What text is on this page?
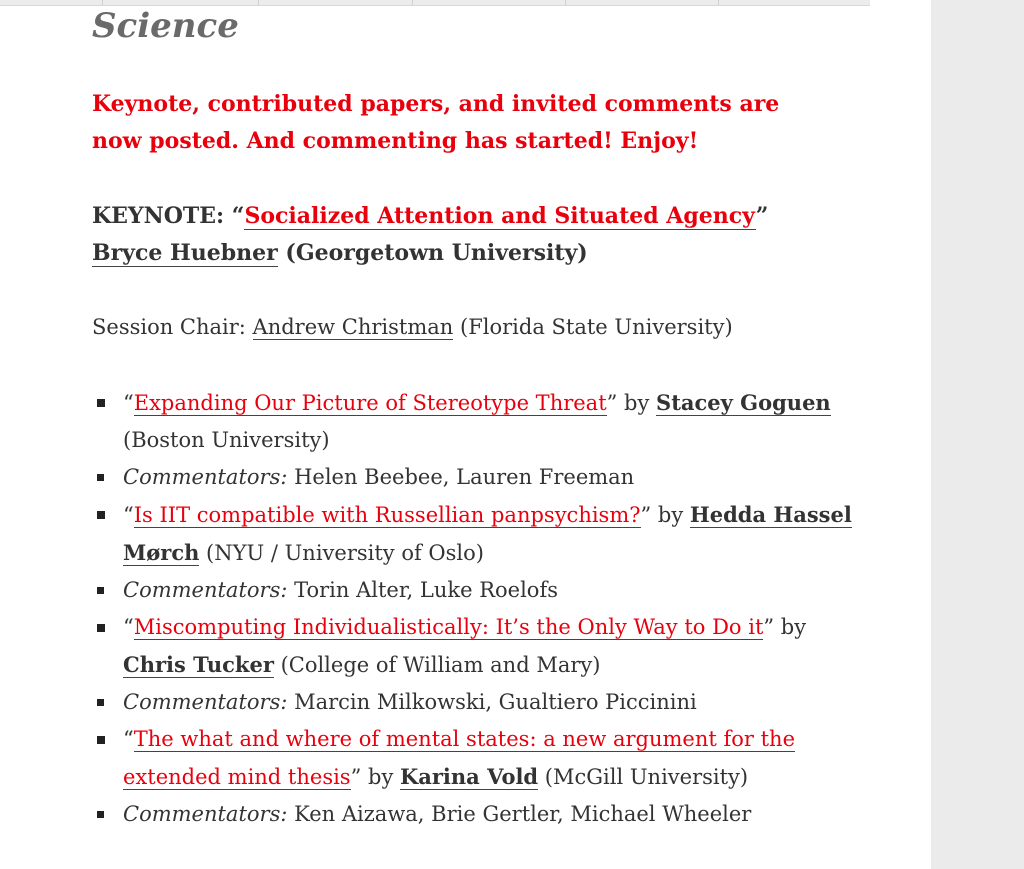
Science
Keynote, contributed papers, and invited comments are now posted. And commenting has started! Enjoy!
KEYNOTE: “Socialized Attention and Situated Agency” Bryce Huebner (Georgetown University)
Session Chair: Andrew Christman (Florida State University)
“Expanding Our Picture of Stereotype Threat” by Stacey Goguen (Boston University)
Commentators: Helen Beebee, Lauren Freeman
“Is IIT compatible with Russellian panpsychism?” by Hedda Hassel Mørch (NYU / University of Oslo)
Commentators: Torin Alter, Luke Roelofs
“Miscomputing Individualistically: It’s the Only Way to Do it” by Chris Tucker (College of William and Mary)
Commentators: Marcin Milkowski, Gualtiero Piccinini
“The what and where of mental states: a new argument for the extended mind thesis” by Karina Vold (McGill University)
Commentators: Ken Aizawa, Brie Gertler, Michael Wheeler
